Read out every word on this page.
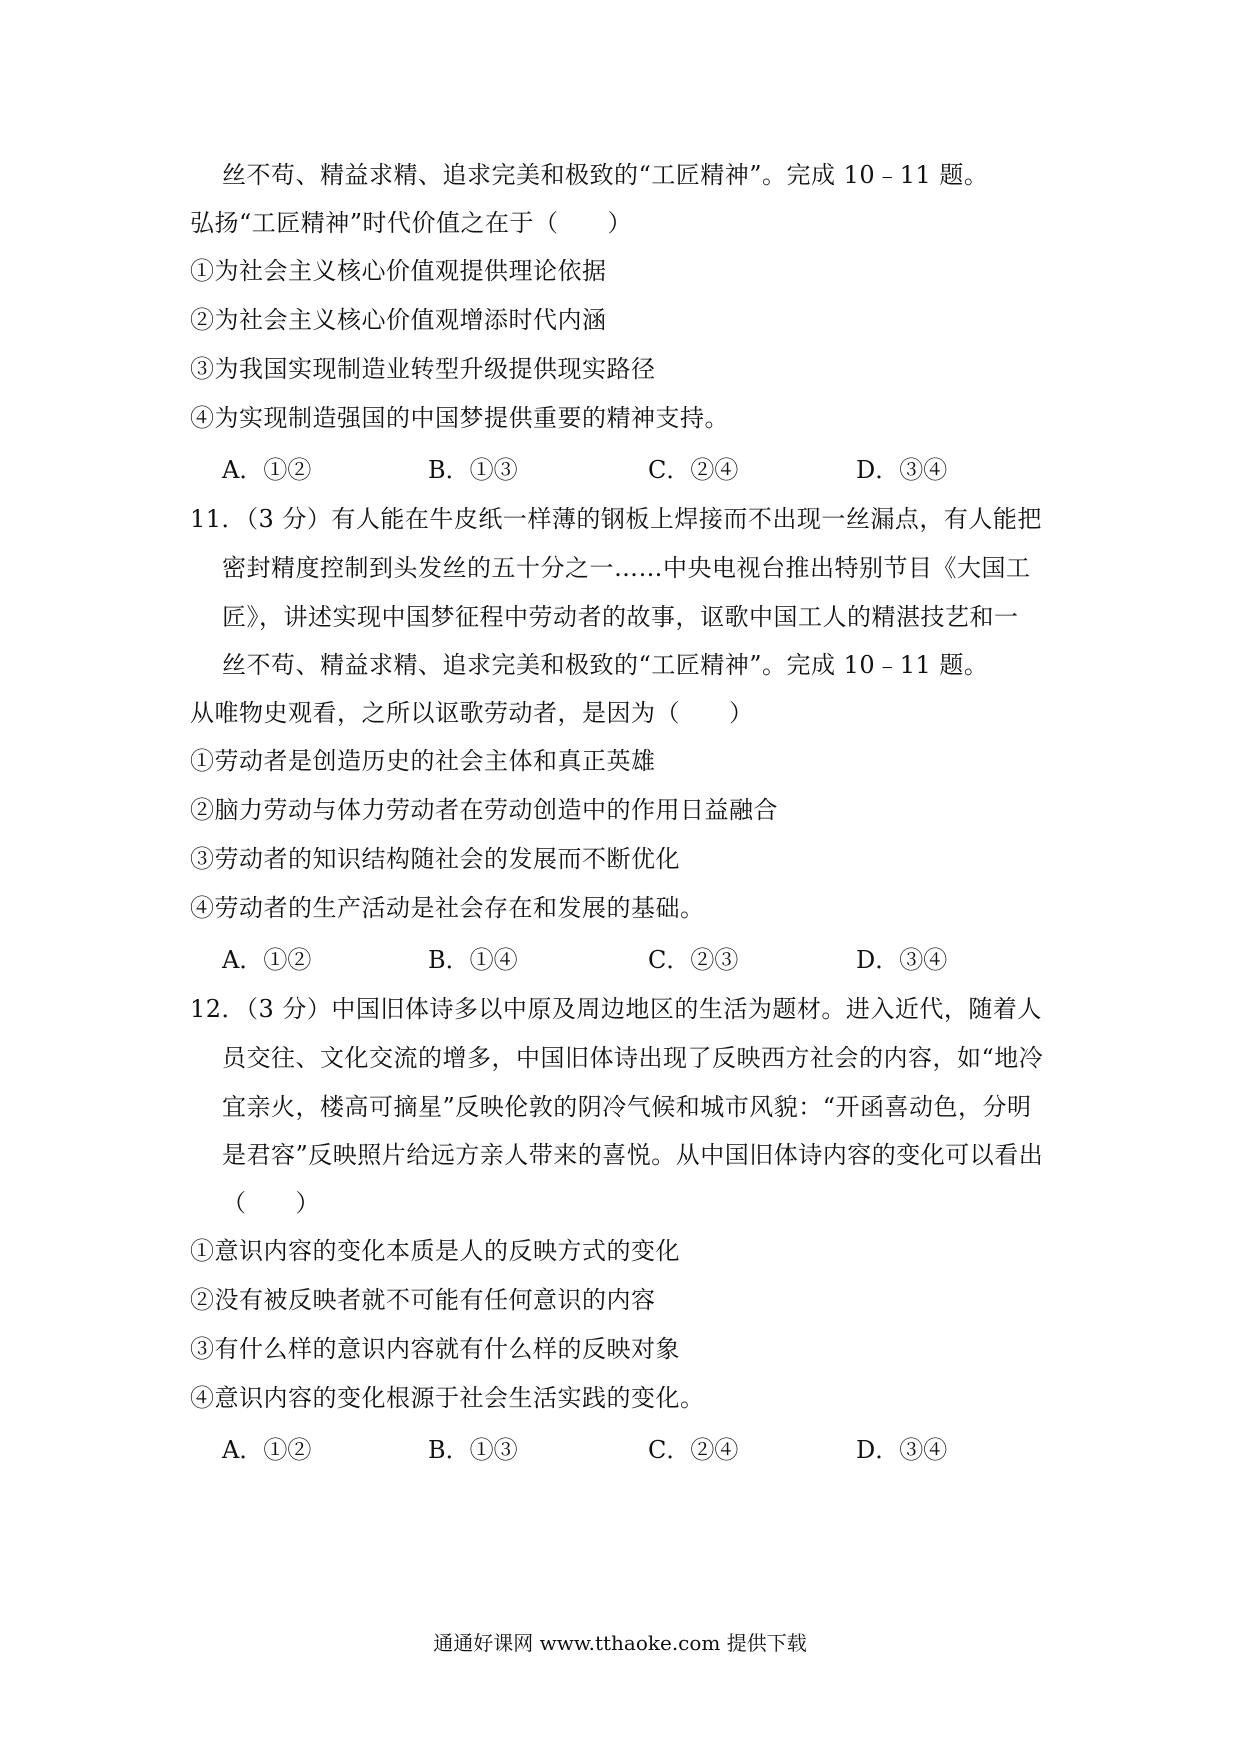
丝不苟、精益求精、追求完美和极致的“工匠精神”。完成 10﹣11 题。
弘扬“工匠精神”时代价值之在于（　　）
①为社会主义核心价值观提供理论依据
②为社会主义核心价值观增添时代内涵
③为我国实现制造业转型升级提供现实路径
④为实现制造强国的中国梦提供重要的精神支持。
A．①②	B．①③	C．②④	D．③④
11．（3 分）有人能在牛皮纸一样薄的钢板上焊接而不出现一丝漏点，有人能把
密封精度控制到头发丝的五十分之一……中央电视台推出特别节目《大国工
匠》，讲述实现中国梦征程中劳动者的故事，讴歌中国工人的精湛技艺和一
丝不苟、精益求精、追求完美和极致的“工匠精神”。完成 10﹣11 题。
从唯物史观看，之所以讴歌劳动者，是因为（　　）
①劳动者是创造历史的社会主体和真正英雄
②脑力劳动与体力劳动者在劳动创造中的作用日益融合
③劳动者的知识结构随社会的发展而不断优化
④劳动者的生产活动是社会存在和发展的基础。
A．①②	B．①④	C．②③	D．③④
12．（3 分）中国旧体诗多以中原及周边地区的生活为题材。进入近代，随着人
员交往、文化交流的增多，中国旧体诗出现了反映西方社会的内容，如“地冷
宜亲火，楼高可摘星”反映伦敦的阴冷气候和城市风貌：“开函喜动色，分明
是君容”反映照片给远方亲人带来的喜悦。从中国旧体诗内容的变化可以看出
（　　）
①意识内容的变化本质是人的反映方式的变化
②没有被反映者就不可能有任何意识的内容
③有什么样的意识内容就有什么样的反映对象
④意识内容的变化根源于社会生活实践的变化。
A．①②	B．①③	C．②④	D．③④
通通好课网 www.tthaoke.com 提供下载
